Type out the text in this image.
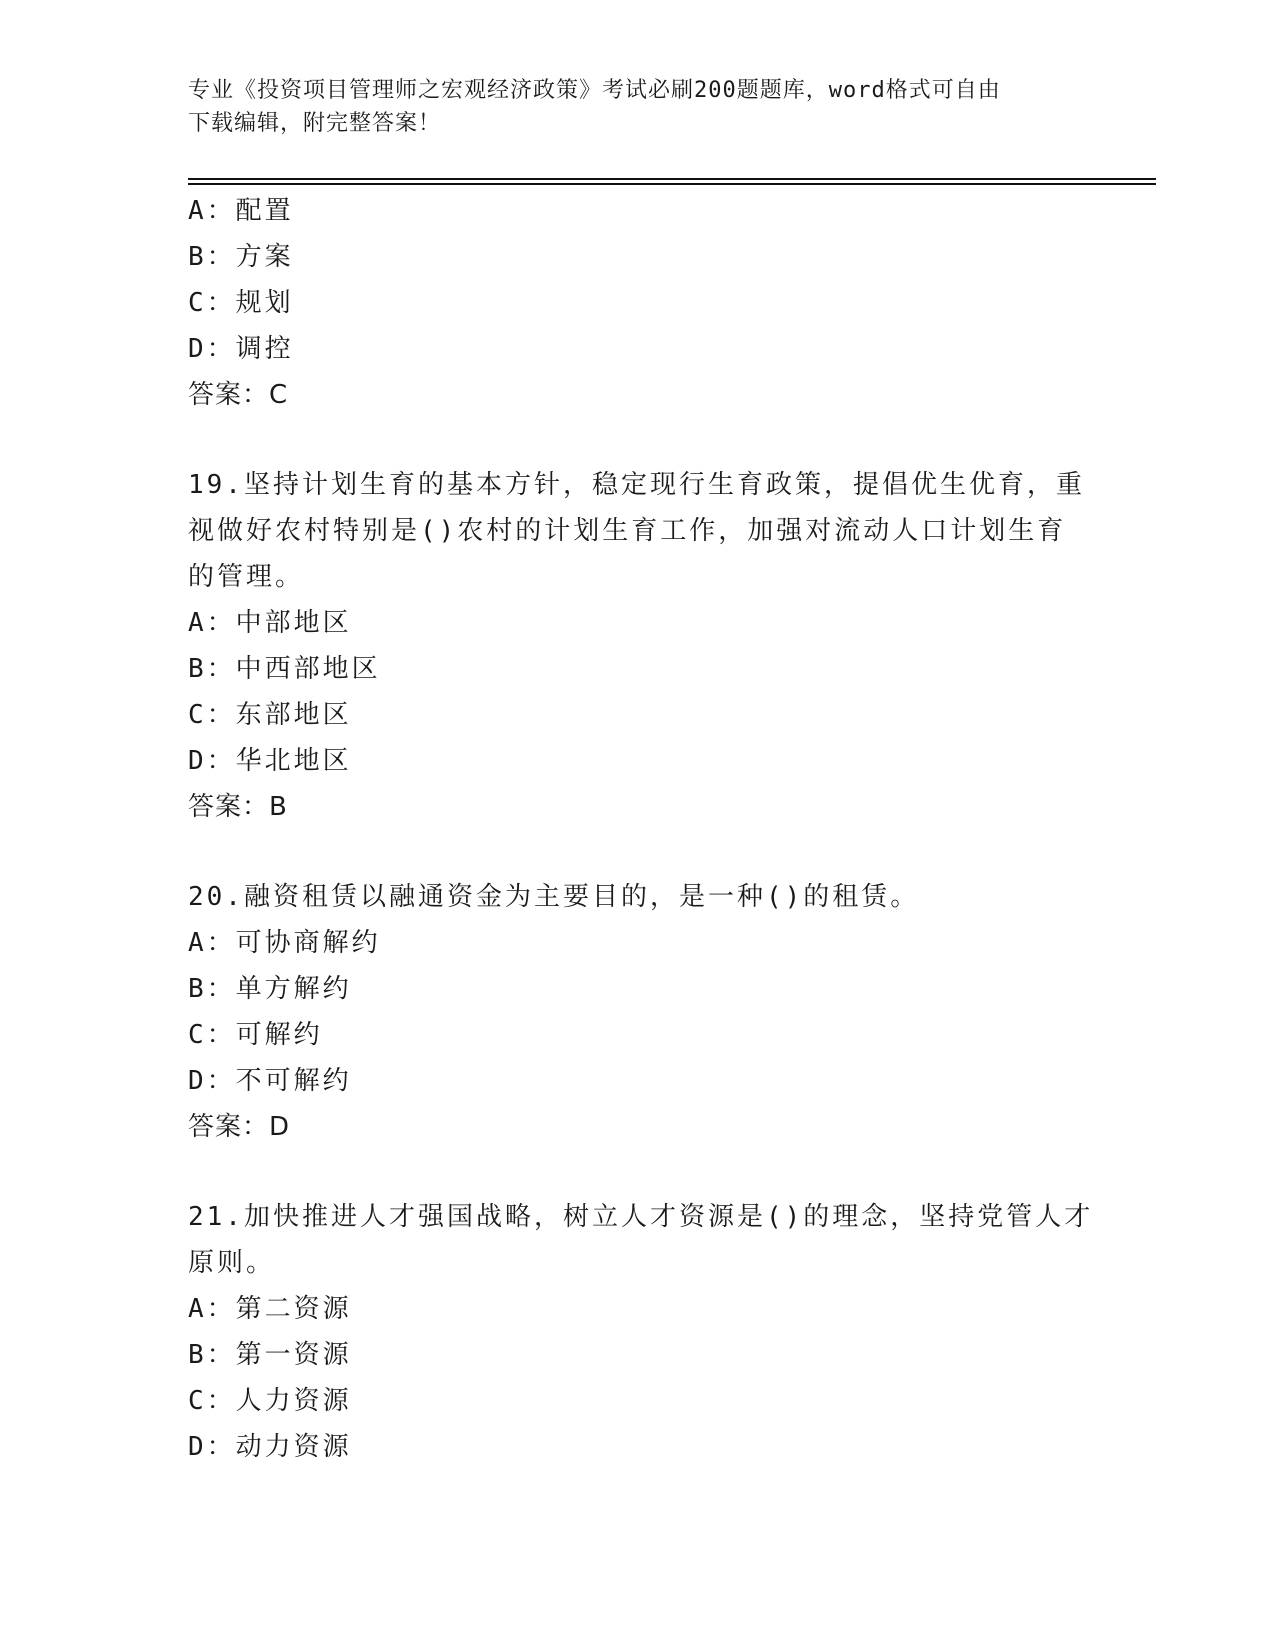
专业《投资项目管理师之宏观经济政策》考试必刷200题题库，word格式可自由
下载编辑，附完整答案！
A：配置
B：方案
C：规划
D：调控
答案：C
19.坚持计划生育的基本方针，稳定现行生育政策，提倡优生优育，重
视做好农村特别是()农村的计划生育工作，加强对流动人口计划生育
的管理。
A：中部地区
B：中西部地区
C：东部地区
D：华北地区
答案：B
20.融资租赁以融通资金为主要目的，是一种()的租赁。
A：可协商解约
B：单方解约
C：可解约
D：不可解约
答案：D
21.加快推进人才强国战略，树立人才资源是()的理念，坚持党管人才
原则。
A：第二资源
B：第一资源
C：人力资源
D：动力资源
